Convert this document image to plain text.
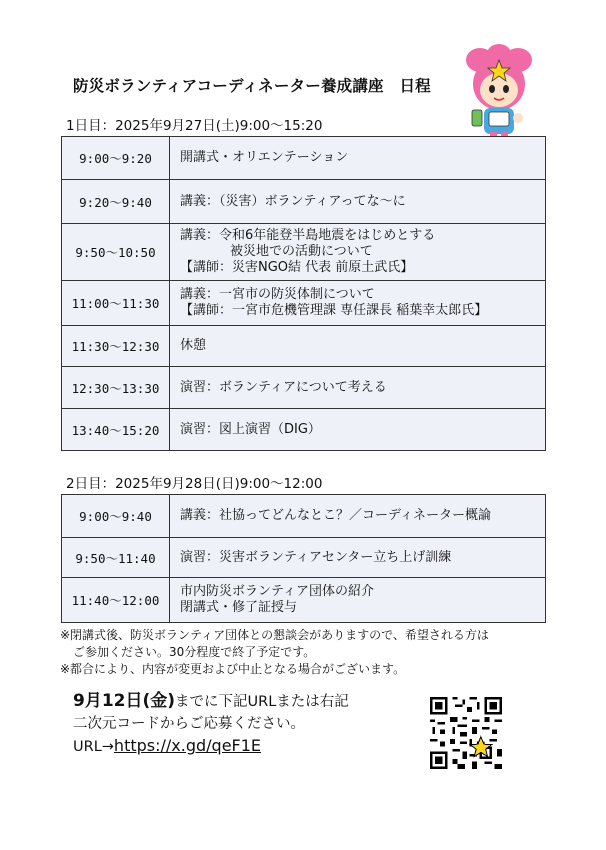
防災ボランティアコーディネーター養成講座　日程
1日目：2025年9月27日(土)9:00〜15:20
9:00〜9:20	開講式・オリエンテーション

9:20〜9:40	講義：（災害）ボランティアってな〜に

9:50〜10:50	講義：令和6年能登半島地震をはじめとする
被災地での活動について
【講師：災害NGO結 代表 前原土武氏】

11:00〜11:30	講義：一宮市の防災体制について
【講師：一宮市危機管理課 専任課長 稲葉幸太郎氏】

11:30〜12:30	休憩

12:30〜13:30	演習：ボランティアについて考える

13:40〜15:20	演習：図上演習（DIG）
2日目：2025年9月28日(日)9:00〜12:00
9:00〜9:40	講義：社協ってどんなとこ？／コーディネーター概論

9:50〜11:40	演習：災害ボランティアセンター立ち上げ訓練

11:40〜12:00	市内防災ボランティア団体の紹介
閉講式・修了証授与

※閉講式後、防災ボランティア団体との懇談会がありますので、希望される方は

ご参加ください。30分程度で終了予定です。

※都合により、内容が変更および中止となる場合がございます。

9月12日(金)までに下記URLまたは右記

二次元コードからご応募ください。

URL→https://x.gd/qeF1E
